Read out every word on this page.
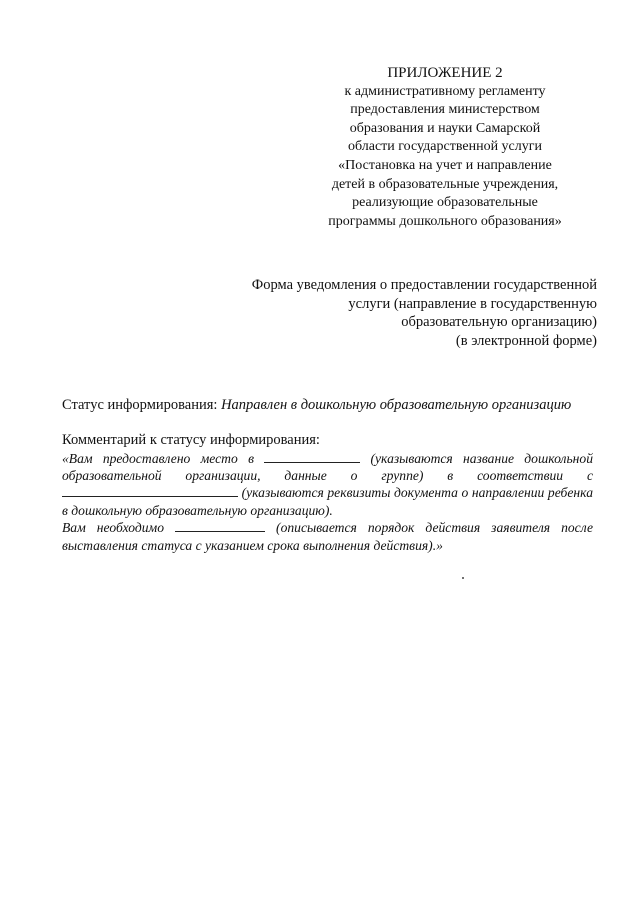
ПРИЛОЖЕНИЕ 2
к административному регламенту
предоставления министерством
образования и науки Самарской
области государственной услуги
«Постановка на учет и направление
детей в образовательные учреждения,
реализующие образовательные
программы дошкольного образования»
Форма уведомления о предоставлении государственной
услуги (направление в государственную
образовательную организацию)
(в электронной форме)
Статус информирования: Направлен в дошкольную образовательную организацию
Комментарий к статусу информирования:

«Вам предоставлено место в	(указываются название дошкольной образовательной организации, данные о группе) в соответствии с  (указываются реквизиты документа о направлении ребенка в дошкольную образовательную организацию).

Вам необходимо	(описывается порядок действия заявителя после выставления статуса с указанием срока выполнения действия).»
